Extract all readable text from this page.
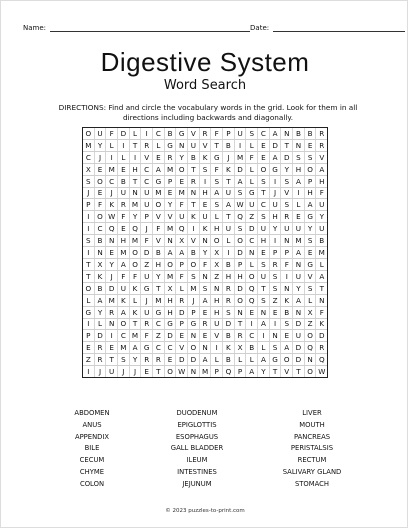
Name:	Date:
Digestive System
Word Search
DIRECTIONS: Find and circle the vocabulary words in the grid. Look for them in all directions including backwards and diagonally.
O U F D L	I	C B G V R F	P U S C A N B B R
M Y	L	I	T R L G N U V T B	I	L	E D T N E R
C	J	I	L	I	V E R Y B K G	J	M F	E A D S S V
X E M E H C A M O T S	F	K D L O G Y H O A
S O C B T C G P	E R	I	S	T A	L	S	I	S A P H
J	E	J	U N U M E M N H A U S G T	J	V	I	H F
P	F	K R M U O Y	F	T	E S A W U C U S	L	A U
I	O W F	Y	P V V U K U L	T Q Z S H R E G Y
I	C Q E Q	J	F M Q	I	K H U S D U Y U U Y U
S B N H M F V N X V N O L O C H	I	N M S B
I	N E M O D B A A B Y X	I	D N E	P	P A E M
T X Y A O Z H O P O F X B P	L	S R F N G L
T K	J	F	F U Y M F	S N Z H H O U S	I	U V A
O B D U K G T X	L M S N R D Q T S N Y S	T
L	A M K	L	J	M H R	J	A H R O Q S Z K A	L N
G Y R A K U G H D P	E H S N E N E B N X F
I	L N O T R C G P G R U D T	I	A	I	S D Z K
P D	I	C M F Z D E N E V B R C	I	N E U O D
E R E M A G C C V O N	I	K X B	L	S A D Q R
Z R T S	Y R R E D D A	L B	L	L	A G O D N Q
I	J	U	J	J	E	T O W N M P Q P A Y	T V T O W
ABDOMEN
ANUS
APPENDIX
BILE
CECUM
CHYME
COLON
DUODENUM
EPIGLOTTIS
ESOPHAGUS
GALL BLADDER
ILEUM
INTESTINES
JEJUNUM
LIVER
MOUTH
PANCREAS
PERISTALSIS
RECTUM
SALIVARY GLAND
STOMACH
© 2023 puzzles-to-print.com
